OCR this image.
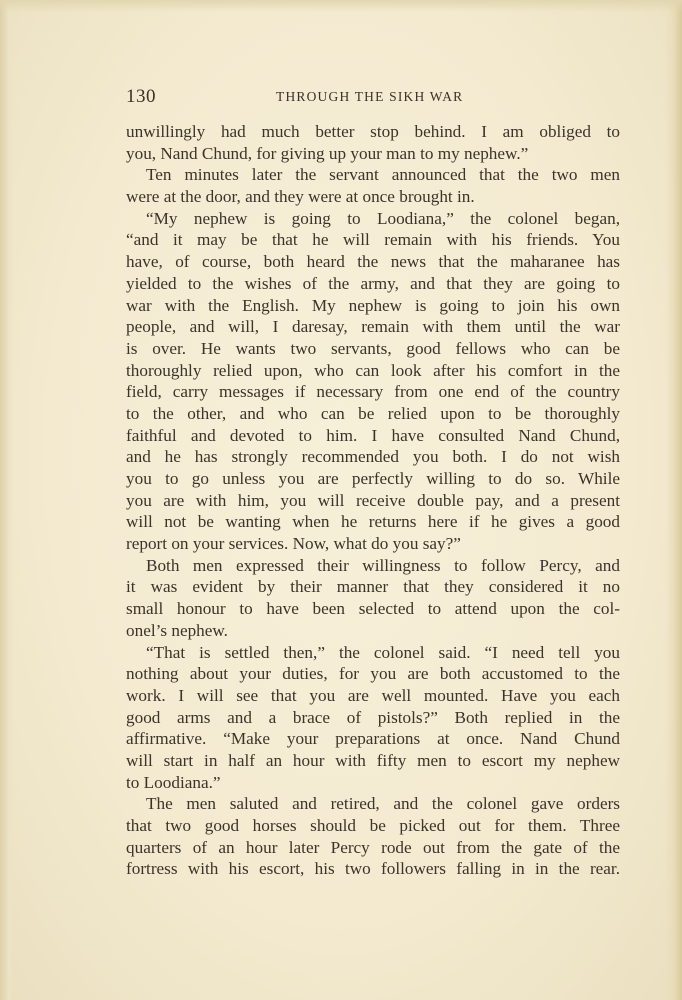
130	THROUGH THE SIKH WAR
unwillingly had much better stop behind. I am obliged to
you, Nand Chund, for giving up your man to my nephew.”
Ten minutes later the servant announced that the two men
were at the door, and they were at once brought in.
“My nephew is going to Loodiana,” the colonel began,
“and it may be that he will remain with his friends. You
have, of course, both heard the news that the maharanee has
yielded to the wishes of the army, and that they are going to
war with the English. My nephew is going to join his own
people, and will, I daresay, remain with them until the war
is over. He wants two servants, good fellows who can be
thoroughly relied upon, who can look after his comfort in the
field, carry messages if necessary from one end of the country
to the other, and who can be relied upon to be thoroughly
faithful and devoted to him. I have consulted Nand Chund,
and he has strongly recommended you both. I do not wish
you to go unless you are perfectly willing to do so. While
you are with him, you will receive double pay, and a present
will not be wanting when he returns here if he gives a good
report on your services. Now, what do you say?”
Both men expressed their willingness to follow Percy, and
it was evident by their manner that they considered it no
small honour to have been selected to attend upon the col-
onel’s nephew.
“That is settled then,” the colonel said. “I need tell you
nothing about your duties, for you are both accustomed to the
work. I will see that you are well mounted. Have you each
good arms and a brace of pistols?” Both replied in the
affirmative. “Make your preparations at once. Nand Chund
will start in half an hour with fifty men to escort my nephew
to Loodiana.”
The men saluted and retired, and the colonel gave orders
that two good horses should be picked out for them. Three
quarters of an hour later Percy rode out from the gate of the
fortress with his escort, his two followers falling in in the rear.
